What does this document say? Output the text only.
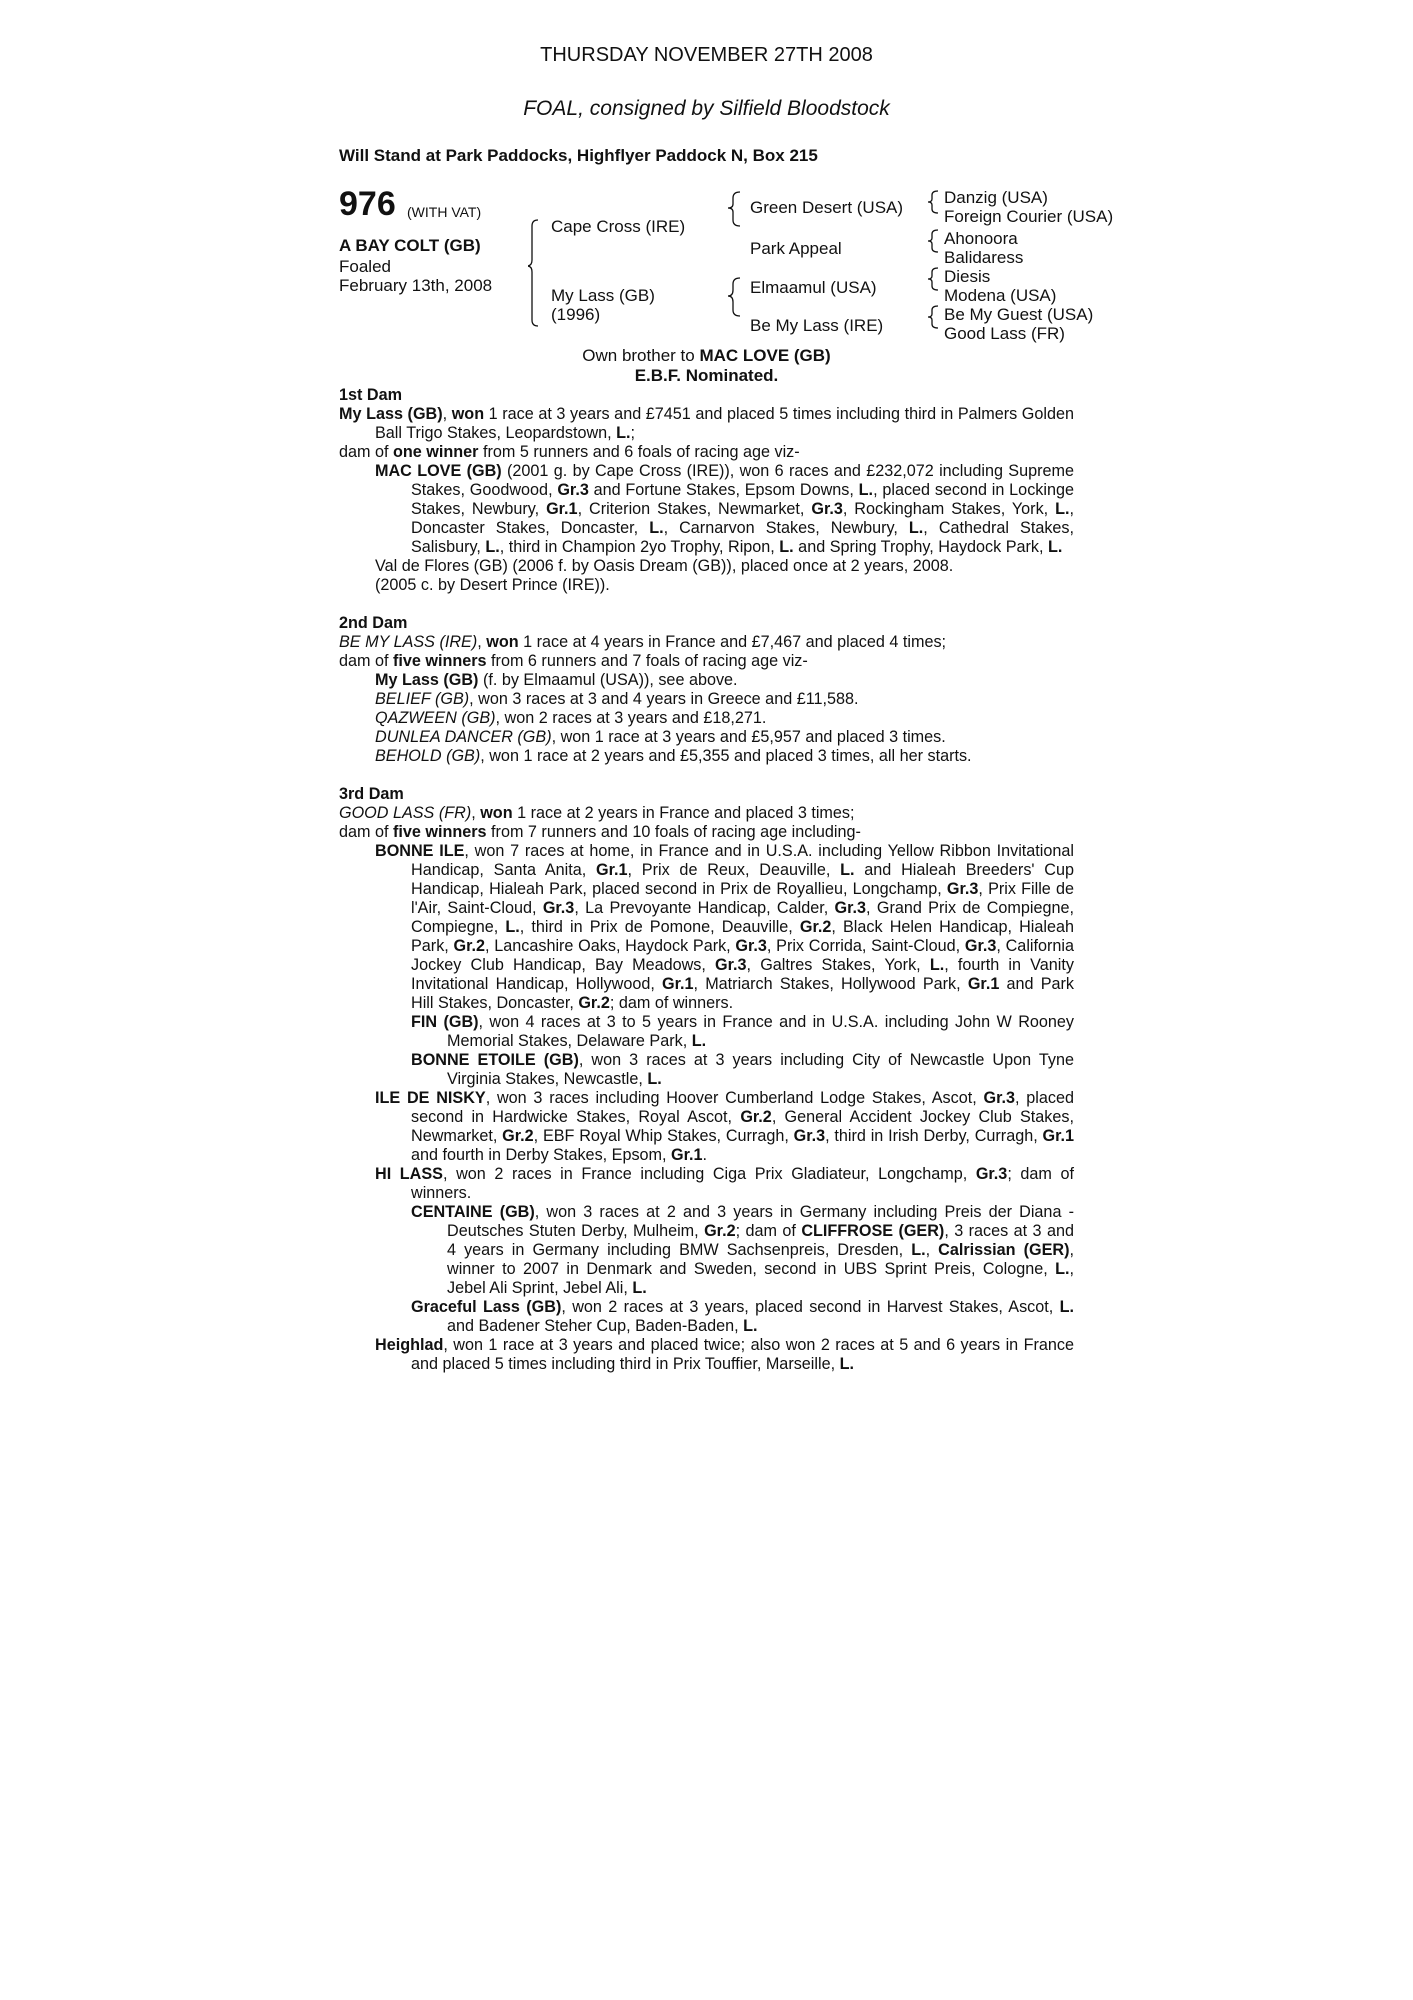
THURSDAY NOVEMBER 27TH 2008
FOAL, consigned by Silfield Bloodstock
Will Stand at Park Paddocks, Highflyer Paddock N, Box 215
976 (WITH VAT)
A BAY COLT (GB)
Foaled
February 13th, 2008
Cape Cross (IRE)
My Lass (GB)
(1996)
Green Desert (USA)
Park Appeal
Elmaamul (USA)
Be My Lass (IRE)
Danzig (USA)
Foreign Courier (USA)
Ahonoora
Balidaress
Diesis
Modena (USA)
Be My Guest (USA)
Good Lass (FR)
Own brother to MAC LOVE (GB)
E.B.F. Nominated.

1st Dam

My Lass (GB), won 1 race at 3 years and £7451 and placed 5 times including third in Palmers Golden Ball Trigo Stakes, Leopardstown, L.;

dam of one winner from 5 runners and 6 foals of racing age viz-

MAC LOVE (GB) (2001 g. by Cape Cross (IRE)), won 6 races and £232,072 including Supreme Stakes, Goodwood, Gr.3 and Fortune Stakes, Epsom Downs, L., placed second in Lockinge Stakes, Newbury, Gr.1, Criterion Stakes, Newmarket, Gr.3, Rockingham Stakes, York, L., Doncaster Stakes, Doncaster, L., Carnarvon Stakes, Newbury, L., Cathedral Stakes, Salisbury, L., third in Champion 2yo Trophy, Ripon, L. and Spring Trophy, Haydock Park, L.

Val de Flores (GB) (2006 f. by Oasis Dream (GB)), placed once at 2 years, 2008.

(2005 c. by Desert Prince (IRE)).

2nd Dam

BE MY LASS (IRE), won 1 race at 4 years in France and £7,467 and placed 4 times;

dam of five winners from 6 runners and 7 foals of racing age viz-

My Lass (GB) (f. by Elmaamul (USA)), see above.

BELIEF (GB), won 3 races at 3 and 4 years in Greece and £11,588.

QAZWEEN (GB), won 2 races at 3 years and £18,271.

DUNLEA DANCER (GB), won 1 race at 3 years and £5,957 and placed 3 times.

BEHOLD (GB), won 1 race at 2 years and £5,355 and placed 3 times, all her starts.

3rd Dam

GOOD LASS (FR), won 1 race at 2 years in France and placed 3 times;

dam of five winners from 7 runners and 10 foals of racing age including-

BONNE ILE, won 7 races at home, in France and in U.S.A. including Yellow Ribbon Invitational Handicap, Santa Anita, Gr.1, Prix de Reux, Deauville, L. and Hialeah Breeders' Cup Handicap, Hialeah Park, placed second in Prix de Royallieu, Longchamp, Gr.3, Prix Fille de l'Air, Saint-Cloud, Gr.3, La Prevoyante Handicap, Calder, Gr.3, Grand Prix de Compiegne, Compiegne, L., third in Prix de Pomone, Deauville, Gr.2, Black Helen Handicap, Hialeah Park, Gr.2, Lancashire Oaks, Haydock Park, Gr.3, Prix Corrida, Saint-Cloud, Gr.3, California Jockey Club Handicap, Bay Meadows, Gr.3, Galtres Stakes, York, L., fourth in Vanity Invitational Handicap, Hollywood, Gr.1, Matriarch Stakes, Hollywood Park, Gr.1 and Park Hill Stakes, Doncaster, Gr.2; dam of winners.

FIN (GB), won 4 races at 3 to 5 years in France and in U.S.A. including John W Rooney Memorial Stakes, Delaware Park, L.

BONNE ETOILE (GB), won 3 races at 3 years including City of Newcastle Upon Tyne Virginia Stakes, Newcastle, L.

ILE DE NISKY, won 3 races including Hoover Cumberland Lodge Stakes, Ascot, Gr.3, placed second in Hardwicke Stakes, Royal Ascot, Gr.2, General Accident Jockey Club Stakes, Newmarket, Gr.2, EBF Royal Whip Stakes, Curragh, Gr.3, third in Irish Derby, Curragh, Gr.1 and fourth in Derby Stakes, Epsom, Gr.1.

HI LASS, won 2 races in France including Ciga Prix Gladiateur, Longchamp, Gr.3; dam of winners.

CENTAINE (GB), won 3 races at 2 and 3 years in Germany including Preis der Diana - Deutsches Stuten Derby, Mulheim, Gr.2; dam of CLIFFROSE (GER), 3 races at 3 and 4 years in Germany including BMW Sachsenpreis, Dresden, L., Calrissian (GER), winner to 2007 in Denmark and Sweden, second in UBS Sprint Preis, Cologne, L., Jebel Ali Sprint, Jebel Ali, L.

Graceful Lass (GB), won 2 races at 3 years, placed second in Harvest Stakes, Ascot, L. and Badener Steher Cup, Baden-Baden, L.

Heighlad, won 1 race at 3 years and placed twice; also won 2 races at 5 and 6 years in France and placed 5 times including third in Prix Touffier, Marseille, L.
